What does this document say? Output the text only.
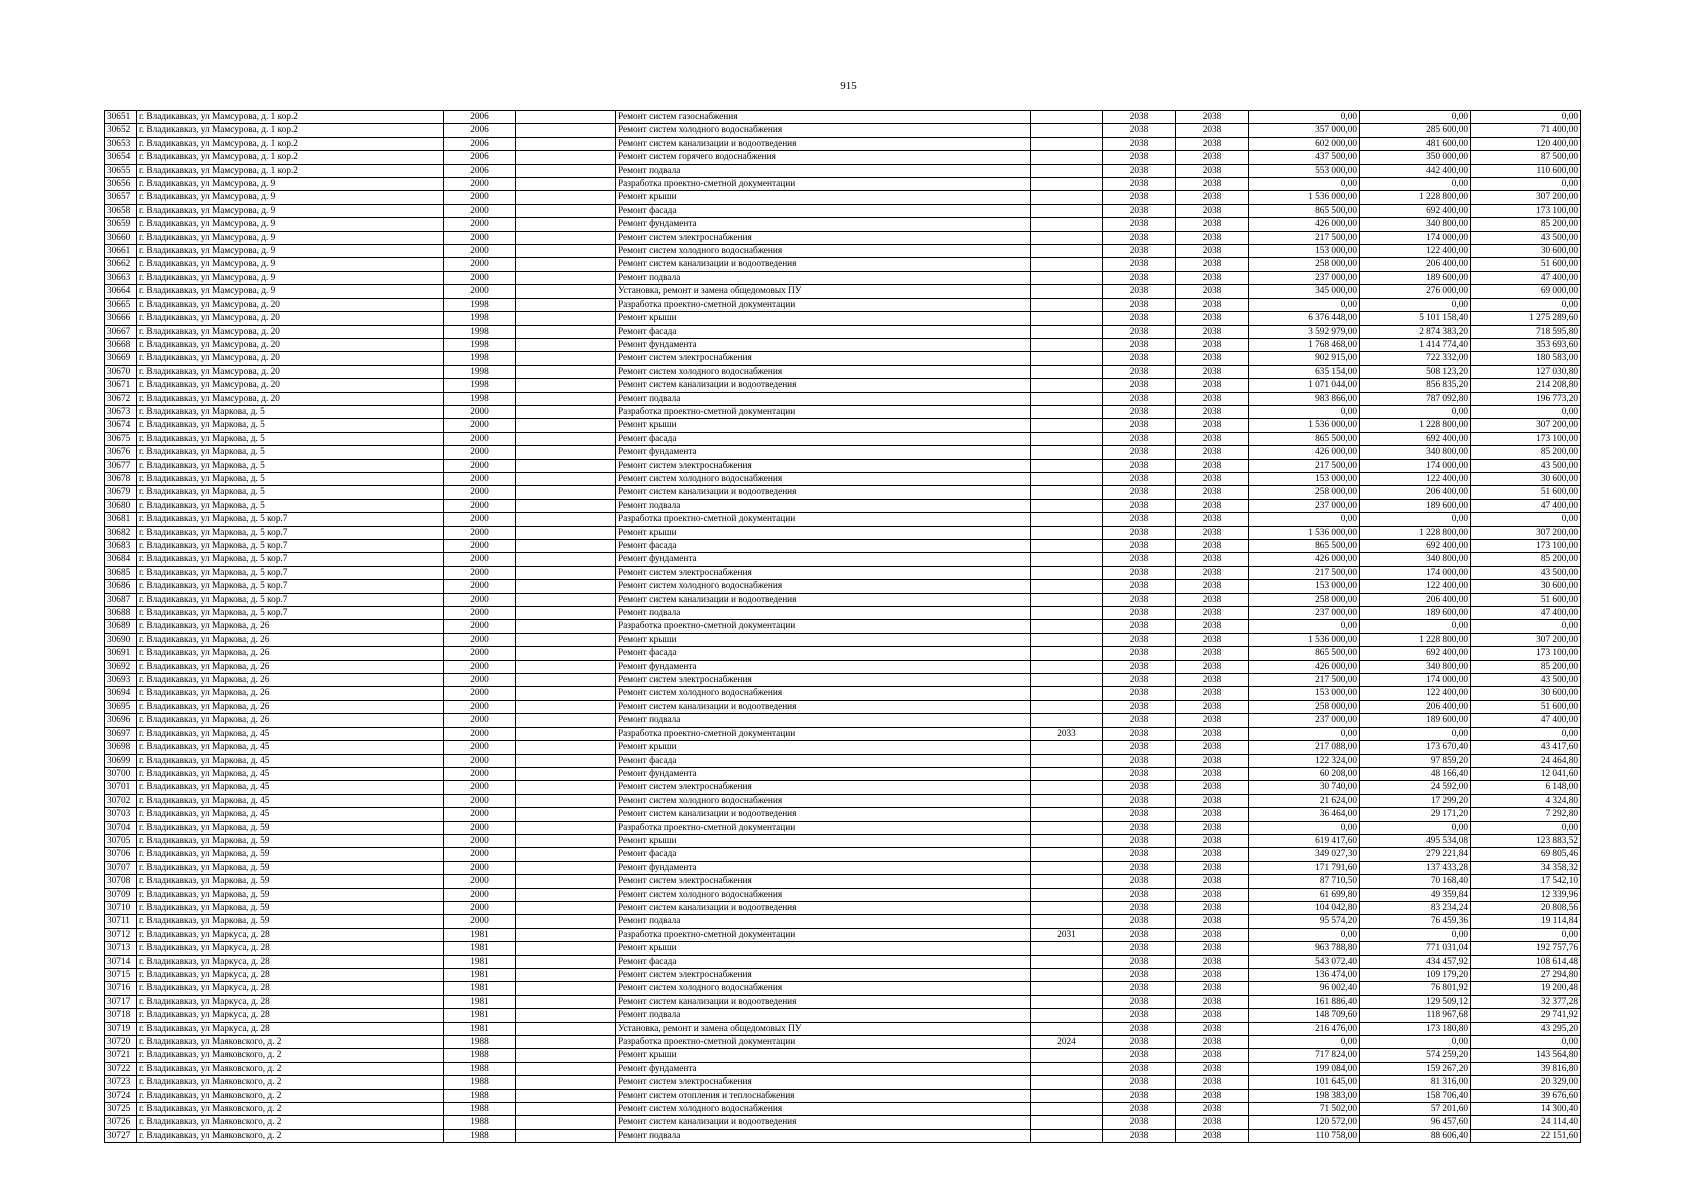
915
30651	г. Владикавказ, ул Мамсурова, д. 1 кор.2	2006		Ремонт систем газоснабжения		2038	2038	0,00	0,00	0,00
30652	г. Владикавказ, ул Мамсурова, д. 1 кор.2	2006		Ремонт систем холодного водоснабжения		2038	2038	357 000,00	285 600,00	71 400,00
30653	г. Владикавказ, ул Мамсурова, д. 1 кор.2	2006		Ремонт систем канализации и водоотведения		2038	2038	602 000,00	481 600,00	120 400,00
30654	г. Владикавказ, ул Мамсурова, д. 1 кор.2	2006		Ремонт систем горячего водоснабжения		2038	2038	437 500,00	350 000,00	87 500,00
30655	г. Владикавказ, ул Мамсурова, д. 1 кор.2	2006		Ремонт подвала		2038	2038	553 000,00	442 400,00	110 600,00
30656	г. Владикавказ, ул Мамсурова, д. 9	2000		Разработка проектно-сметной документации		2038	2038	0,00	0,00	0,00
30657	г. Владикавказ, ул Мамсурова, д. 9	2000		Ремонт крыши		2038	2038	1 536 000,00	1 228 800,00	307 200,00
30658	г. Владикавказ, ул Мамсурова, д. 9	2000		Ремонт фасада		2038	2038	865 500,00	692 400,00	173 100,00
30659	г. Владикавказ, ул Мамсурова, д. 9	2000		Ремонт фундамента		2038	2038	426 000,00	340 800,00	85 200,00
30660	г. Владикавказ, ул Мамсурова, д. 9	2000		Ремонт систем электроснабжения		2038	2038	217 500,00	174 000,00	43 500,00
30661	г. Владикавказ, ул Мамсурова, д. 9	2000		Ремонт систем холодного водоснабжения		2038	2038	153 000,00	122 400,00	30 600,00
30662	г. Владикавказ, ул Мамсурова, д. 9	2000		Ремонт систем канализации и водоотведения		2038	2038	258 000,00	206 400,00	51 600,00
30663	г. Владикавказ, ул Мамсурова, д. 9	2000		Ремонт подвала		2038	2038	237 000,00	189 600,00	47 400,00
30664	г. Владикавказ, ул Мамсурова, д. 9	2000		Установка, ремонт и замена общедомовых ПУ		2038	2038	345 000,00	276 000,00	69 000,00
30665	г. Владикавказ, ул Мамсурова, д. 20	1998		Разработка проектно-сметной документации		2038	2038	0,00	0,00	0,00
30666	г. Владикавказ, ул Мамсурова, д. 20	1998		Ремонт крыши		2038	2038	6 376 448,00	5 101 158,40	1 275 289,60
30667	г. Владикавказ, ул Мамсурова, д. 20	1998		Ремонт фасада		2038	2038	3 592 979,00	2 874 383,20	718 595,80
30668	г. Владикавказ, ул Мамсурова, д. 20	1998		Ремонт фундамента		2038	2038	1 768 468,00	1 414 774,40	353 693,60
30669	г. Владикавказ, ул Мамсурова, д. 20	1998		Ремонт систем электроснабжения		2038	2038	902 915,00	722 332,00	180 583,00
30670	г. Владикавказ, ул Мамсурова, д. 20	1998		Ремонт систем холодного водоснабжения		2038	2038	635 154,00	508 123,20	127 030,80
30671	г. Владикавказ, ул Мамсурова, д. 20	1998		Ремонт систем канализации и водоотведения		2038	2038	1 071 044,00	856 835,20	214 208,80
30672	г. Владикавказ, ул Мамсурова, д. 20	1998		Ремонт подвала		2038	2038	983 866,00	787 092,80	196 773,20
30673	г. Владикавказ, ул Маркова, д. 5	2000		Разработка проектно-сметной документации		2038	2038	0,00	0,00	0,00
30674	г. Владикавказ, ул Маркова, д. 5	2000		Ремонт крыши		2038	2038	1 536 000,00	1 228 800,00	307 200,00
30675	г. Владикавказ, ул Маркова, д. 5	2000		Ремонт фасада		2038	2038	865 500,00	692 400,00	173 100,00
30676	г. Владикавказ, ул Маркова, д. 5	2000		Ремонт фундамента		2038	2038	426 000,00	340 800,00	85 200,00
30677	г. Владикавказ, ул Маркова, д. 5	2000		Ремонт систем электроснабжения		2038	2038	217 500,00	174 000,00	43 500,00
30678	г. Владикавказ, ул Маркова, д. 5	2000		Ремонт систем холодного водоснабжения		2038	2038	153 000,00	122 400,00	30 600,00
30679	г. Владикавказ, ул Маркова, д. 5	2000		Ремонт систем канализации и водоотведения		2038	2038	258 000,00	206 400,00	51 600,00
30680	г. Владикавказ, ул Маркова, д. 5	2000		Ремонт подвала		2038	2038	237 000,00	189 600,00	47 400,00
30681	г. Владикавказ, ул Маркова, д. 5 кор.7	2000		Разработка проектно-сметной документации		2038	2038	0,00	0,00	0,00
30682	г. Владикавказ, ул Маркова, д. 5 кор.7	2000		Ремонт крыши		2038	2038	1 536 000,00	1 228 800,00	307 200,00
30683	г. Владикавказ, ул Маркова, д. 5 кор.7	2000		Ремонт фасада		2038	2038	865 500,00	692 400,00	173 100,00
30684	г. Владикавказ, ул Маркова, д. 5 кор.7	2000		Ремонт фундамента		2038	2038	426 000,00	340 800,00	85 200,00
30685	г. Владикавказ, ул Маркова, д. 5 кор.7	2000		Ремонт систем электроснабжения		2038	2038	217 500,00	174 000,00	43 500,00
30686	г. Владикавказ, ул Маркова, д. 5 кор.7	2000		Ремонт систем холодного водоснабжения		2038	2038	153 000,00	122 400,00	30 600,00
30687	г. Владикавказ, ул Маркова, д. 5 кор.7	2000		Ремонт систем канализации и водоотведения		2038	2038	258 000,00	206 400,00	51 600,00
30688	г. Владикавказ, ул Маркова, д. 5 кор.7	2000		Ремонт подвала		2038	2038	237 000,00	189 600,00	47 400,00
30689	г. Владикавказ, ул Маркова, д. 26	2000		Разработка проектно-сметной документации		2038	2038	0,00	0,00	0,00
30690	г. Владикавказ, ул Маркова, д. 26	2000		Ремонт крыши		2038	2038	1 536 000,00	1 228 800,00	307 200,00
30691	г. Владикавказ, ул Маркова, д. 26	2000		Ремонт фасада		2038	2038	865 500,00	692 400,00	173 100,00
30692	г. Владикавказ, ул Маркова, д. 26	2000		Ремонт фундамента		2038	2038	426 000,00	340 800,00	85 200,00
30693	г. Владикавказ, ул Маркова, д. 26	2000		Ремонт систем электроснабжения		2038	2038	217 500,00	174 000,00	43 500,00
30694	г. Владикавказ, ул Маркова, д. 26	2000		Ремонт систем холодного водоснабжения		2038	2038	153 000,00	122 400,00	30 600,00
30695	г. Владикавказ, ул Маркова, д. 26	2000		Ремонт систем канализации и водоотведения		2038	2038	258 000,00	206 400,00	51 600,00
30696	г. Владикавказ, ул Маркова, д. 26	2000		Ремонт подвала		2038	2038	237 000,00	189 600,00	47 400,00
30697	г. Владикавказ, ул Маркова, д. 45	2000		Разработка проектно-сметной документации	2033	2038	2038	0,00	0,00	0,00
30698	г. Владикавказ, ул Маркова, д. 45	2000		Ремонт крыши		2038	2038	217 088,00	173 670,40	43 417,60
30699	г. Владикавказ, ул Маркова, д. 45	2000		Ремонт фасада		2038	2038	122 324,00	97 859,20	24 464,80
30700	г. Владикавказ, ул Маркова, д. 45	2000		Ремонт фундамента		2038	2038	60 208,00	48 166,40	12 041,60
30701	г. Владикавказ, ул Маркова, д. 45	2000		Ремонт систем электроснабжения		2038	2038	30 740,00	24 592,00	6 148,00
30702	г. Владикавказ, ул Маркова, д. 45	2000		Ремонт систем холодного водоснабжения		2038	2038	21 624,00	17 299,20	4 324,80
30703	г. Владикавказ, ул Маркова, д. 45	2000		Ремонт систем канализации и водоотведения		2038	2038	36 464,00	29 171,20	7 292,80
30704	г. Владикавказ, ул Маркова, д. 59	2000		Разработка проектно-сметной документации		2038	2038	0,00	0,00	0,00
30705	г. Владикавказ, ул Маркова, д. 59	2000		Ремонт крыши		2038	2038	619 417,60	495 534,08	123 883,52
30706	г. Владикавказ, ул Маркова, д. 59	2000		Ремонт фасада		2038	2038	349 027,30	279 221,84	69 805,46
30707	г. Владикавказ, ул Маркова, д. 59	2000		Ремонт фундамента		2038	2038	171 791,60	137 433,28	34 358,32
30708	г. Владикавказ, ул Маркова, д. 59	2000		Ремонт систем электроснабжения		2038	2038	87 710,50	70 168,40	17 542,10
30709	г. Владикавказ, ул Маркова, д. 59	2000		Ремонт систем холодного водоснабжения		2038	2038	61 699,80	49 359,84	12 339,96
30710	г. Владикавказ, ул Маркова, д. 59	2000		Ремонт систем канализации и водоотведения		2038	2038	104 042,80	83 234,24	20 808,56
30711	г. Владикавказ, ул Маркова, д. 59	2000		Ремонт подвала		2038	2038	95 574,20	76 459,36	19 114,84
30712	г. Владикавказ, ул Маркуса, д. 28	1981		Разработка проектно-сметной документации	2031	2038	2038	0,00	0,00	0,00
30713	г. Владикавказ, ул Маркуса, д. 28	1981		Ремонт крыши		2038	2038	963 788,80	771 031,04	192 757,76
30714	г. Владикавказ, ул Маркуса, д. 28	1981		Ремонт фасада		2038	2038	543 072,40	434 457,92	108 614,48
30715	г. Владикавказ, ул Маркуса, д. 28	1981		Ремонт систем электроснабжения		2038	2038	136 474,00	109 179,20	27 294,80
30716	г. Владикавказ, ул Маркуса, д. 28	1981		Ремонт систем холодного водоснабжения		2038	2038	96 002,40	76 801,92	19 200,48
30717	г. Владикавказ, ул Маркуса, д. 28	1981		Ремонт систем канализации и водоотведения		2038	2038	161 886,40	129 509,12	32 377,28
30718	г. Владикавказ, ул Маркуса, д. 28	1981		Ремонт подвала		2038	2038	148 709,60	118 967,68	29 741,92
30719	г. Владикавказ, ул Маркуса, д. 28	1981		Установка, ремонт и замена общедомовых ПУ		2038	2038	216 476,00	173 180,80	43 295,20
30720	г. Владикавказ, ул Маяковского, д. 2	1988		Разработка проектно-сметной документации	2024	2038	2038	0,00	0,00	0,00
30721	г. Владикавказ, ул Маяковского, д. 2	1988		Ремонт крыши		2038	2038	717 824,00	574 259,20	143 564,80
30722	г. Владикавказ, ул Маяковского, д. 2	1988		Ремонт фундамента		2038	2038	199 084,00	159 267,20	39 816,80
30723	г. Владикавказ, ул Маяковского, д. 2	1988		Ремонт систем электроснабжения		2038	2038	101 645,00	81 316,00	20 329,00
30724	г. Владикавказ, ул Маяковского, д. 2	1988		Ремонт систем отопления и теплоснабжения		2038	2038	198 383,00	158 706,40	39 676,60
30725	г. Владикавказ, ул Маяковского, д. 2	1988		Ремонт систем холодного водоснабжения		2038	2038	71 502,00	57 201,60	14 300,40
30726	г. Владикавказ, ул Маяковского, д. 2	1988		Ремонт систем канализации и водоотведения		2038	2038	120 572,00	96 457,60	24 114,40
30727	г. Владикавказ, ул Маяковского, д. 2	1988		Ремонт подвала		2038	2038	110 758,00	88 606,40	22 151,60
